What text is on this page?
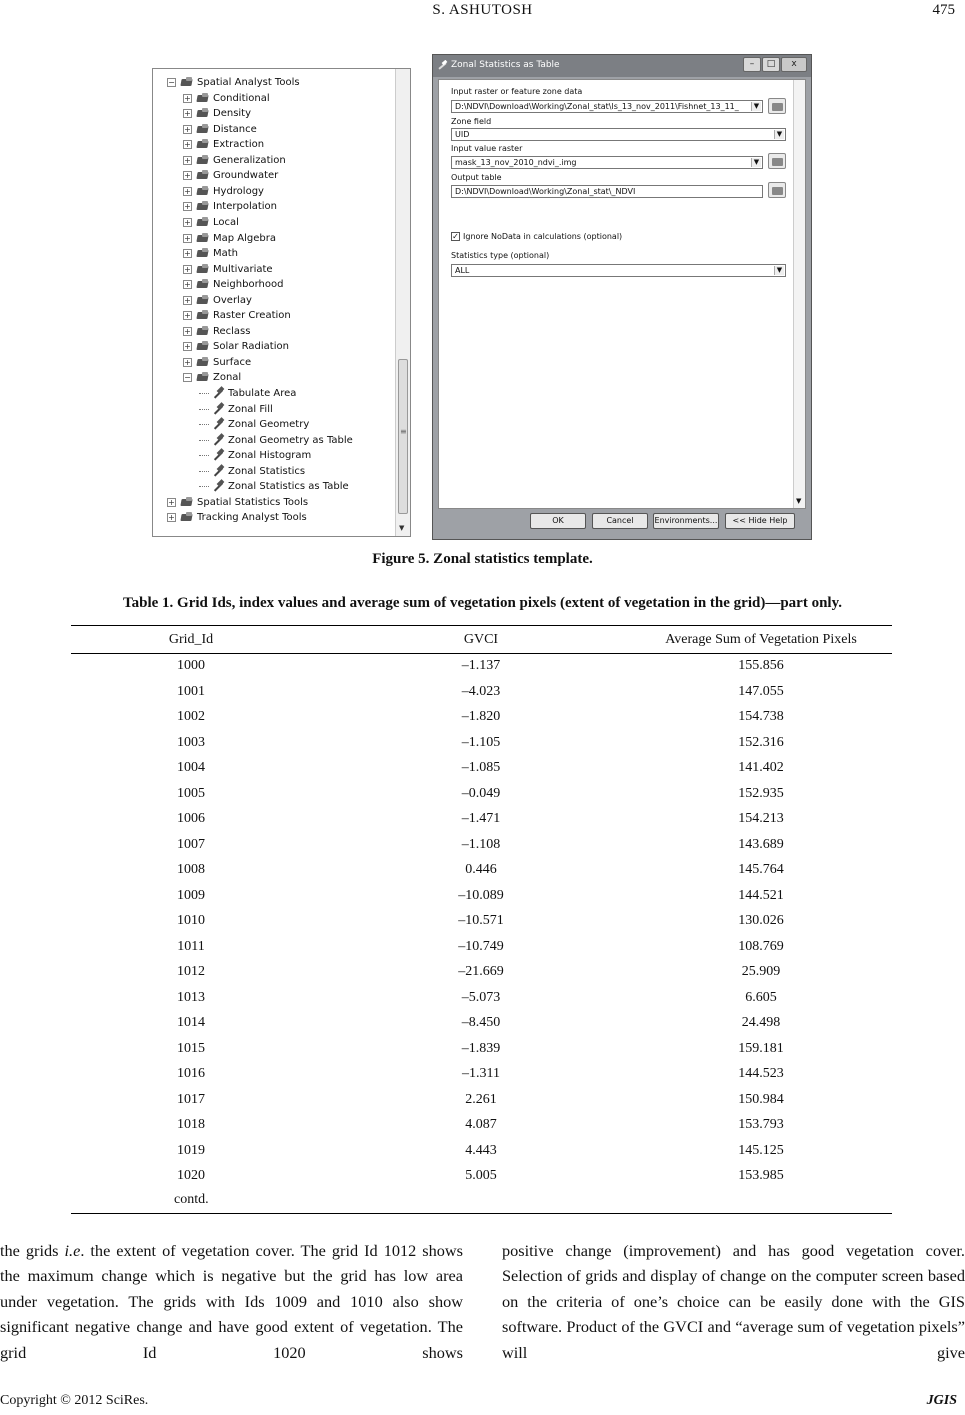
S. ASHUTOSH	475
− Spatial Analyst Tools
+ Conditional
+ Density
+ Distance
+ Extraction
+ Generalization
+ Groundwater
+ Hydrology
+ Interpolation
+ Local
+ Map Algebra
+ Math
+ Multivariate
+ Neighborhood
+ Overlay
+ Raster Creation
+ Reclass
+ Solar Radiation
+ Surface
− Zonal
Tabulate Area
Zonal Fill
Zonal Geometry
Zonal Geometry as Table
Zonal Histogram
Zonal Statistics
Zonal Statistics as Table
+ Spatial Statistics Tools
+ Tracking Analyst Tools
≡
▼
Zonal Statistics as Table	–	□	x
Input raster or feature zone data
D:\NDVI\Download\Working\Zonal_stat\ls_13_nov_2011\Fishnet_13_11_	▼
Zone field
UID	▼
Input value raster
mask_13_nov_2010_ndvi_.img	▼
Output table
D:\NDVI\Download\Working\Zonal_stat\_NDVI
✓ Ignore NoData in calculations (optional)
Statistics type (optional)
ALL	▼
▼
OK	Cancel	Environments...	<< Hide Help
Figure 5. Zonal statistics template.
Table 1. Grid Ids, index values and average sum of vegetation pixels (extent of vegetation in the grid)—part only.
Grid_Id	GVCI	Average Sum of Vegetation Pixels
1000	–1.137	155.856
1001	–4.023	147.055
1002	–1.820	154.738
1003	–1.105	152.316
1004	–1.085	141.402
1005	–0.049	152.935
1006	–1.471	154.213
1007	–1.108	143.689
1008	0.446	145.764
1009	–10.089	144.521
1010	–10.571	130.026
1011	–10.749	108.769
1012	–21.669	25.909
1013	–5.073	6.605
1014	–8.450	24.498
1015	–1.839	159.181
1016	–1.311	144.523
1017	2.261	150.984
1018	4.087	153.793
1019	4.443	145.125
1020	5.005	153.985
contd.

the grids i.e. the extent of vegetation cover. The grid Id 1012 shows the maximum change which is negative but the grid has low area under vegetation. The grids with Ids 1009 and 1010 also show significant negative change and have good extent of vegetation. The grid Id 1020 shows

positive change (improvement) and has good vegetation cover. Selection of grids and display of change on the computer screen based on the criteria of one’s choice can be easily done with the GIS software. Product of the GVCI and “average sum of vegetation pixels” will give

Copyright © 2012 SciRes.	JGIS
